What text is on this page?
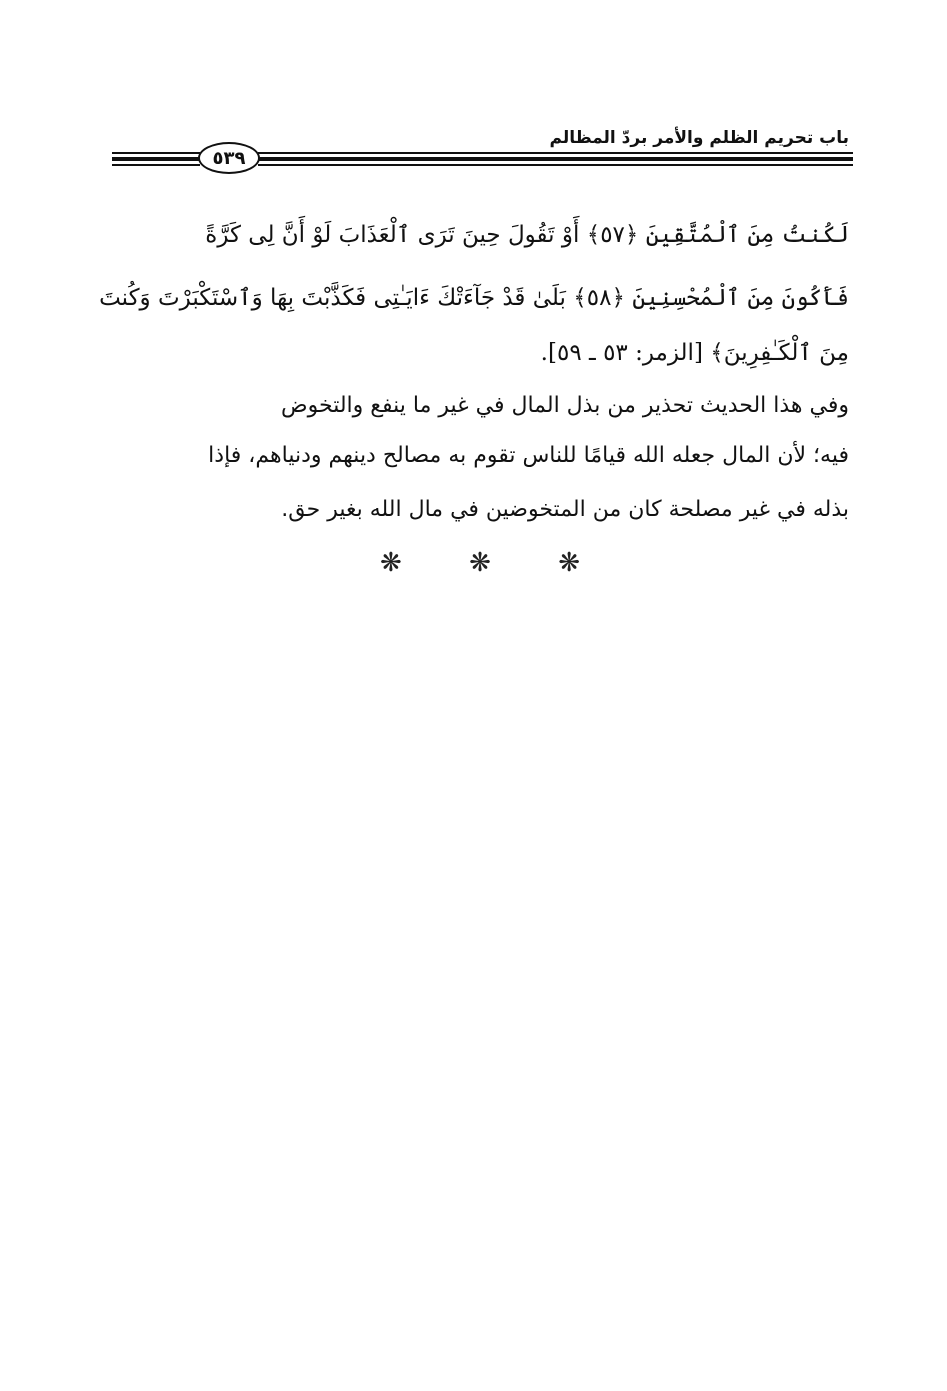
باب تحريم الظلم والأمر بردّ المظالم
٥٣٩
لَكُنتُ مِنَ ٱلْمُتَّقِينَ ﴿٥٧﴾ أَوْ تَقُولَ حِينَ تَرَى ٱلْعَذَابَ لَوْ أَنَّ لِى كَرَّةً
فَأَكُونَ مِنَ ٱلْمُحْسِنِينَ ﴿٥٨﴾ بَلَىٰ قَدْ جَآءَتْكَ ءَايَـٰتِى فَكَذَّبْتَ بِهَا وَٱسْتَكْبَرْتَ وَكُنتَ
مِنَ ٱلْكَـٰفِرِينَ﴾ [الزمر: ٥٣ ـ ٥٩].
وفي هذا الحديث تحذير من بذل المال في غير ما ينفع والتخوض
فيه؛ لأن المال جعله الله قيامًا للناس تقوم به مصالح دينهم ودنياهم، فإذا
بذله في غير مصلحة كان من المتخوضين في مال الله بغير حق.
❋	❋	❋
